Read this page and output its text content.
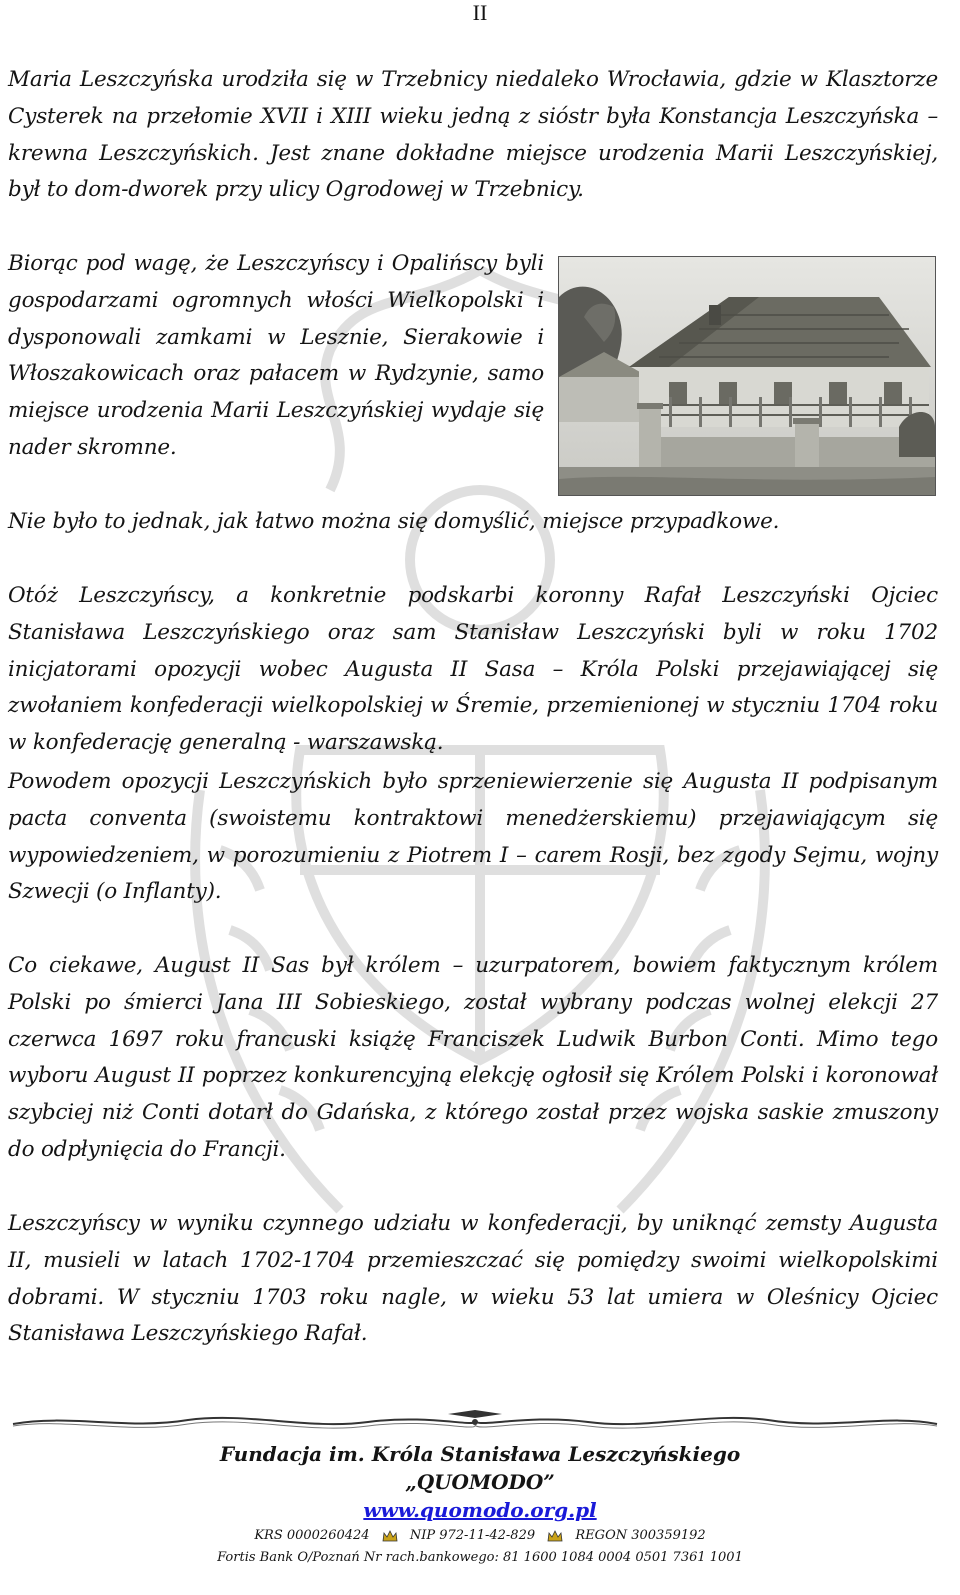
II

Maria Leszczyńska urodziła się w Trzebnicy niedaleko Wrocławia, gdzie w Klasztorze Cysterek na przełomie XVII i XIII wieku jedną z sióstr była Konstancja Leszczyńska – krewna Leszczyńskich. Jest znane dokładne miejsce urodzenia Marii Leszczyńskiej, był to dom-dworek przy ulicy Ogrodowej w Trzebnicy.

Biorąc pod wagę, że Leszczyńscy i Opalińscy byli gospodarzami ogromnych włości Wielkopolski i dysponowali zamkami w Lesznie, Sierakowie i Włoszakowicach oraz pałacem w Rydzynie, samo miejsce urodzenia Marii Leszczyńskiej wydaje się nader skromne.

Nie było to jednak, jak łatwo można się domyślić, miejsce przypadkowe.

Otóż Leszczyńscy, a konkretnie podskarbi koronny Rafał Leszczyński Ojciec Stanisława Leszczyńskiego oraz sam Stanisław Leszczyński byli w roku 1702 inicjatorami opozycji wobec Augusta II Sasa – Króla Polski przejawiającej się zwołaniem konfederacji wielkopolskiej w Śremie, przemienionej w styczniu 1704 roku w konfederację generalną - warszawską.

Powodem opozycji Leszczyńskich było sprzeniewierzenie się Augusta II podpisanym pacta conventa (swoistemu kontraktowi menedżerskiemu) przejawiającym się wypowiedzeniem, w porozumieniu z Piotrem I – carem Rosji, bez zgody Sejmu, wojny Szwecji (o Inflanty).

Co ciekawe, August II Sas był królem – uzurpatorem, bowiem faktycznym królem Polski po śmierci Jana III Sobieskiego, został wybrany podczas wolnej elekcji 27 czerwca 1697 roku francuski książę Franciszek Ludwik Burbon Conti. Mimo tego wyboru August II poprzez konkurencyjną elekcję ogłosił się Królem Polski i koronował szybciej niż Conti dotarł do Gdańska, z którego został przez wojska saskie zmuszony do odpłynięcia do Francji.

Leszczyńscy w wyniku czynnego udziału w konfederacji, by uniknąć zemsty Augusta II, musieli w latach 1702-1704 przemieszczać się pomiędzy swoimi wielkopolskimi dobrami. W styczniu 1703 roku nagle, w wieku 53 lat umiera w Oleśnicy Ojciec Stanisława Leszczyńskiego Rafał.

Fundacja im. Króla Stanisława Leszczyńskiego

„QUOMODO”

www.quomodo.org.pl

KRS 0000260424	NIP 972-11-42-829	REGON 300359192

Fortis Bank O/Poznań Nr rach.bankowego: 81 1600 1084 0004 0501 7361 1001
